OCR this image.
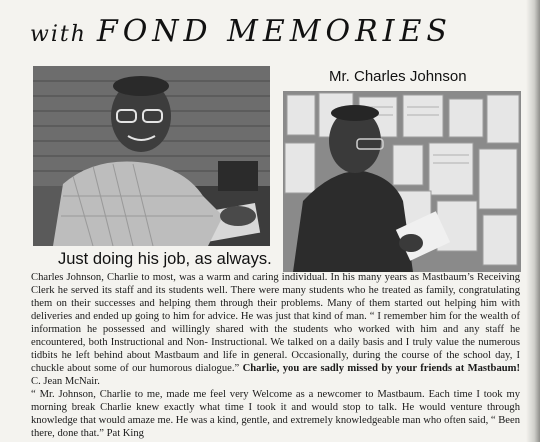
with FOND MEMORIES
Just doing his job, as always.
Mr. Charles Johnson
Charles Johnson, Charlie to most, was a warm and caring individual. In his many years as Mastbaum’s Receiving Clerk he served its staff and its students well. There were many students who he treated as family, congratulating them on their successes and helping them through their problems. Many of them started out helping him with deliveries and ended up going to him for advice. He was just that kind of man. “ I remember him for the wealth of information he possessed and willingly shared with the students who worked with him and any staff he encountered, both Instructional and Non- Instructional. We talked on a daily basis and I truly value the numerous tidbits he left behind about Mastbaum and life in general. Occasionally, during the course of the school day, I chuckle about some of our humorous dialogue.” Charlie, you are sadly missed by your friends at Mastbaum! C. Jean McNair.
“ Mr. Johnson, Charlie to me, made me feel very Welcome as a newcomer to Mastbaum. Each time I took my morning break Charlie knew exactly what time I took it and would stop to talk. He would venture through knowledge that would amaze me. He was a kind, gentle, and extremely knowledgeable man who often said, “ Been there, done that.” Pat King
